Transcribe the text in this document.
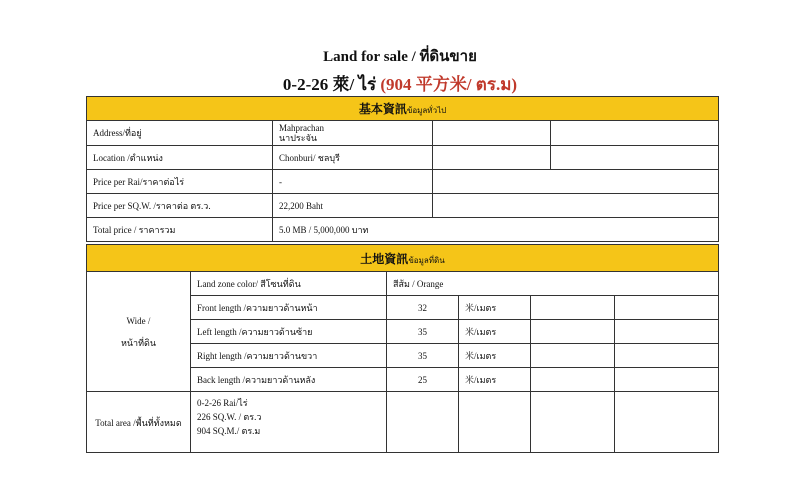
Land for sale / ที่ดินขาย
0-2-26 萊/ ไร่ (904 平方米/ ตร.ม)
基本資訊ข้อมูลทั่วไป			
Address/ที่อยู่	Mahprachan
นาประจัน		
Location /ตำแหน่ง	Chonburi/ ชลบุรี		
Price per Rai/ราคาต่อไร่	-		
Price per SQ.W. /ราคาต่อ ตร.ว.	22,200 Baht		
Total price / ราคารวม	5.0 MB / 5,000,000 บาท		
土地資訊ข้อมูลที่ดิน					
Wide /
หน้าที่ดิน	Land zone color/ สีโซนที่ดิน	สีส้ม / Orange			
	Front length /ความยาวด้านหน้า	32	米/เมตร		
	Left length /ความยาวด้านซ้าย	35	米/เมตร		
	Right length /ความยาวด้านขวา	35	米/เมตร		
	Back length /ความยาวด้านหลัง	25	米/เมตร		
Total area /พื้นที่ทั้งหมด	0-2-26 Rai/ไร่
226 SQ.W. / ตร.ว
904 SQ.M./ ตร.ม				
